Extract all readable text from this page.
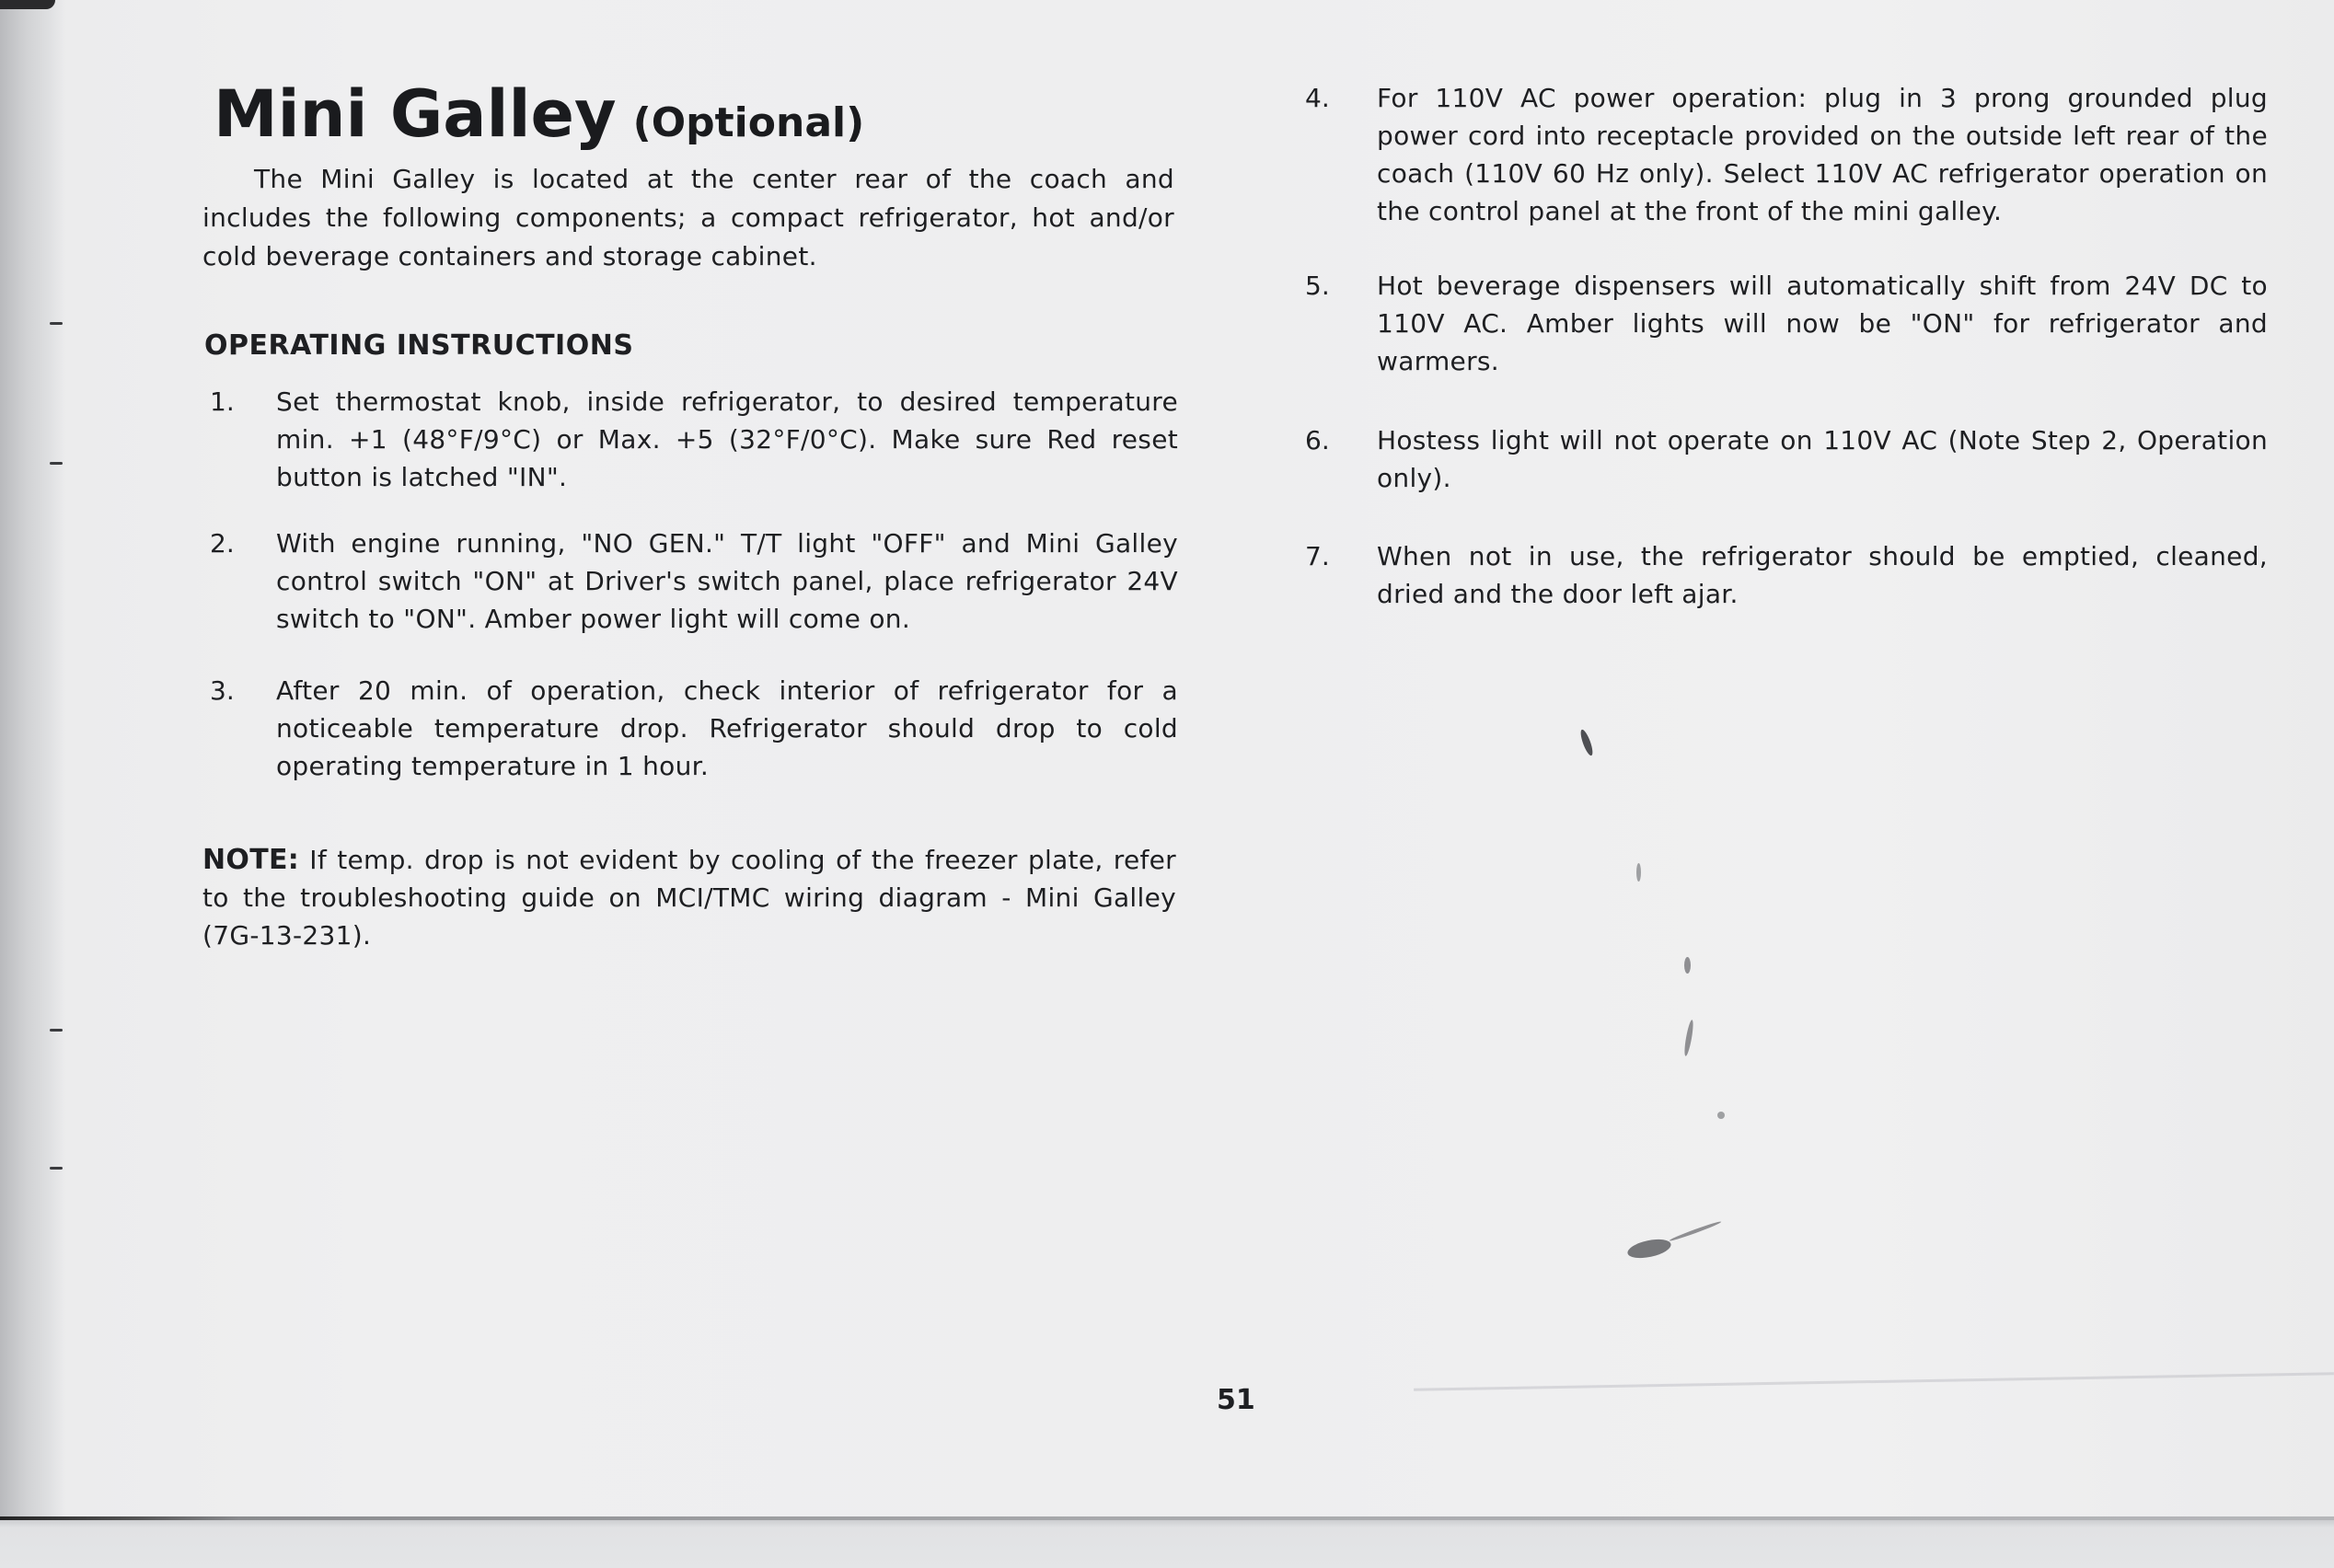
Mini Galley (Optional)

The Mini Galley is located at the center rear of the coach and includes the following components; a compact refrigerator, hot and/or cold beverage containers and storage cabinet.

OPERATING INSTRUCTIONS
1. Set thermostat knob, inside refrigerator, to desired temperature min. +1 (48°F/9°C) or Max. +5 (32°F/0°C). Make sure Red reset button is latched "IN".
2. With engine running, "NO GEN." T/T light "OFF" and Mini Galley control switch "ON" at Driver's switch panel, place refrigerator 24V switch to "ON". Amber power light will come on.
3. After 20 min. of operation, check interior of refrigerator for a noticeable temperature drop. Refrigerator should drop to cold operating temperature in 1 hour.

NOTE: If temp. drop is not evident by cooling of the freezer plate, refer to the troubleshooting guide on MCI/TMC wiring diagram - Mini Galley (7G-13-231).

4. For 110V AC power operation: plug in 3 prong grounded plug power cord into receptacle provided on the outside left rear of the coach (110V 60 Hz only). Select 110V AC refrigerator operation on the control panel at the front of the mini galley.
5. Hot beverage dispensers will automatically shift from 24V DC to 110V AC. Amber lights will now be "ON" for refrigerator and warmers.
6. Hostess light will not operate on 110V AC (Note Step 2, Operation only).
7. When not in use, the refrigerator should be emptied, cleaned, dried and the door left ajar.

51
